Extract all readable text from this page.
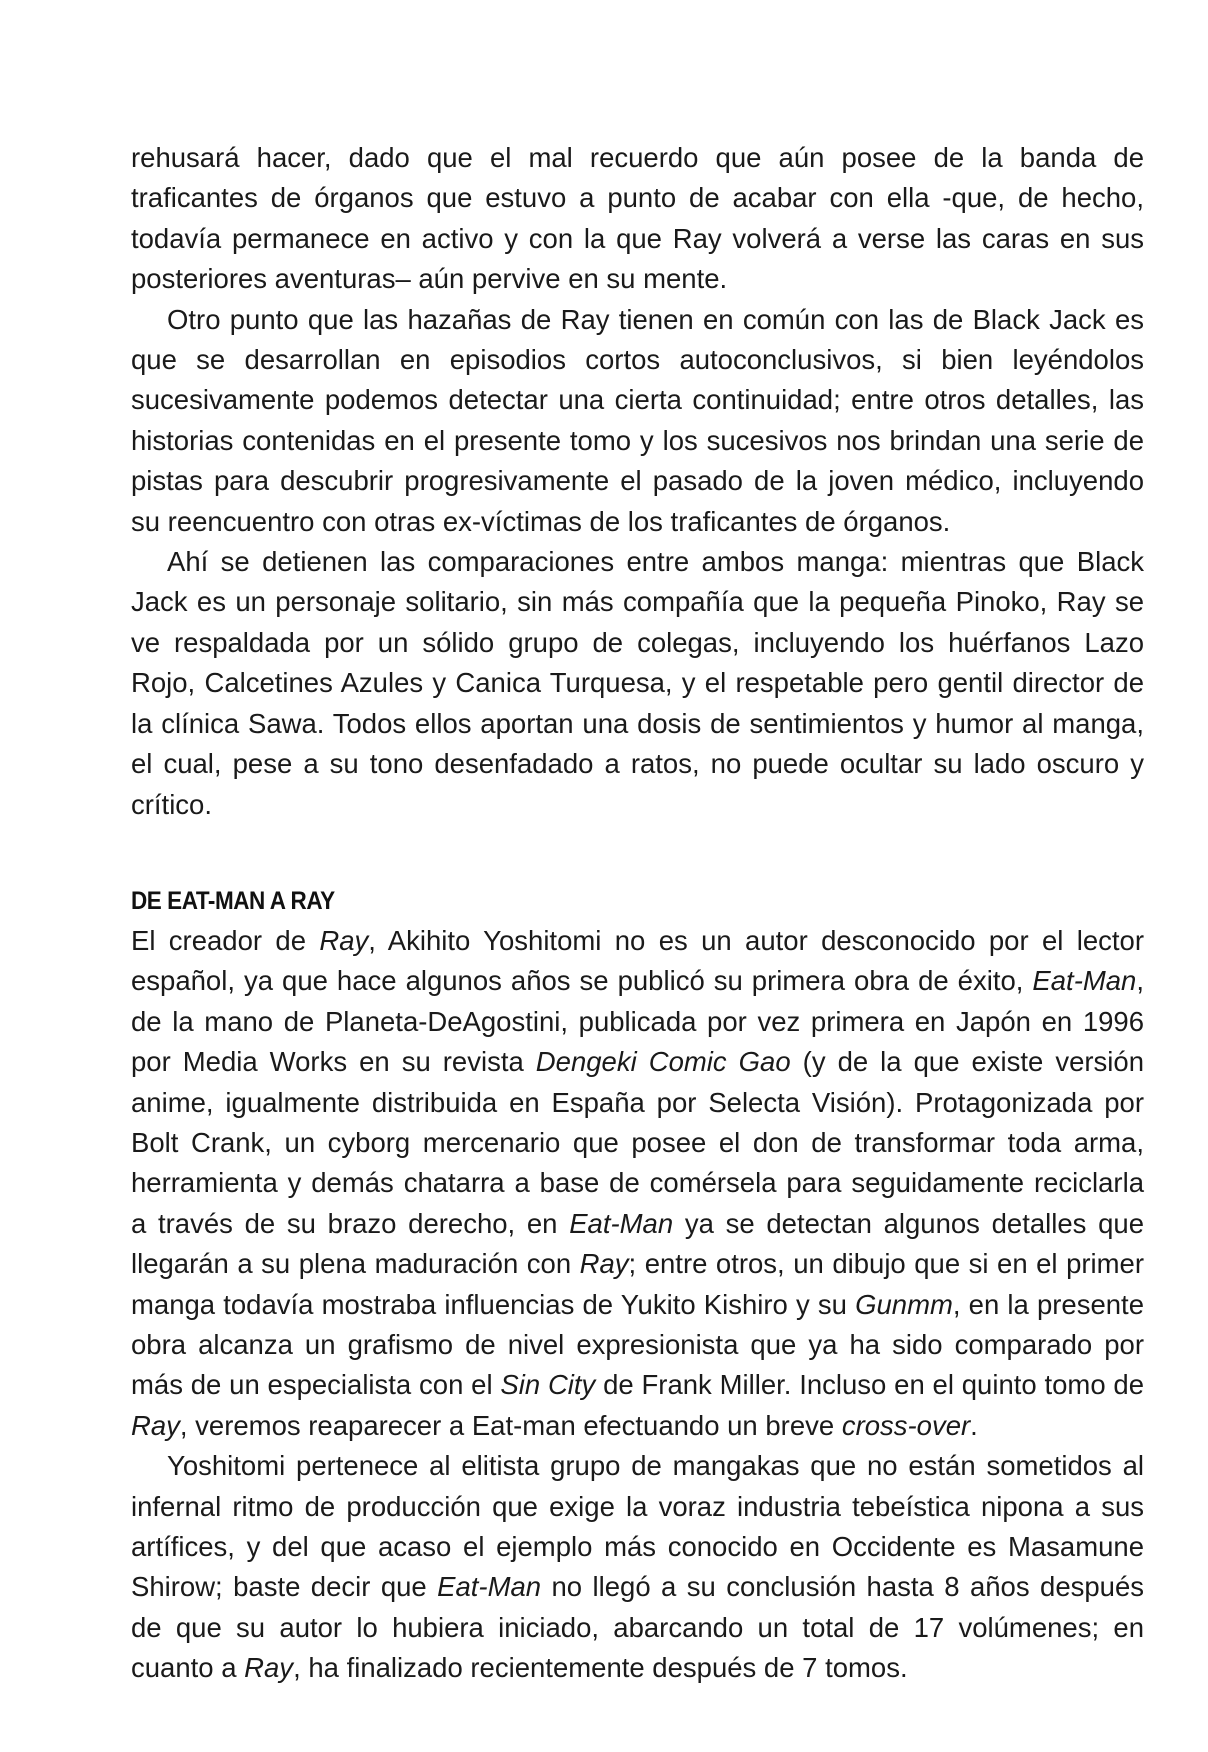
rehusará hacer, dado que el mal recuerdo que aún posee de la banda de traficantes de órganos que estuvo a punto de acabar con ella -que, de hecho, todavía permanece en activo y con la que Ray volverá a verse las caras en sus posteriores aventuras– aún pervive en su mente.

Otro punto que las hazañas de Ray tienen en común con las de Black Jack es que se desarrollan en episodios cortos autoconclusivos, si bien leyéndolos sucesivamente podemos detectar una cierta continuidad; entre otros detalles, las historias contenidas en el presente tomo y los sucesivos nos brindan una serie de pistas para descubrir progresivamente el pasado de la joven médico, incluyendo su reencuentro con otras ex-víctimas de los traficantes de órganos.

Ahí se detienen las comparaciones entre ambos manga: mientras que Black Jack es un personaje solitario, sin más compañía que la pequeña Pinoko, Ray se ve respaldada por un sólido grupo de colegas, incluyendo los huérfanos Lazo Rojo, Calcetines Azules y Canica Turquesa, y el respetable pero gentil director de la clínica Sawa. Todos ellos aportan una dosis de sentimientos y humor al manga, el cual, pese a su tono desenfadado a ratos, no puede ocultar su lado oscuro y crítico.

DE EAT-MAN A RAY

El creador de Ray, Akihito Yoshitomi no es un autor desconocido por el lector español, ya que hace algunos años se publicó su primera obra de éxito, Eat-Man, de la mano de Planeta-DeAgostini, publicada por vez primera en Japón en 1996 por Media Works en su revista Dengeki Comic Gao (y de la que existe versión anime, igualmente distribuida en España por Selecta Visión). Protagonizada por Bolt Crank, un cyborg mercenario que posee el don de transformar toda arma, herramienta y demás chatarra a base de comérsela para seguidamente reciclarla a través de su brazo derecho, en Eat-Man ya se detectan algunos detalles que llegarán a su plena maduración con Ray; entre otros, un dibujo que si en el primer manga todavía mostraba influencias de Yukito Kishiro y su Gunmm, en la presente obra alcanza un grafismo de nivel expresionista que ya ha sido comparado por más de un especialista con el Sin City de Frank Miller. Incluso en el quinto tomo de Ray, veremos reaparecer a Eat-man efectuando un breve cross-over.

Yoshitomi pertenece al elitista grupo de mangakas que no están sometidos al infernal ritmo de producción que exige la voraz industria tebeística nipona a sus artífices, y del que acaso el ejemplo más conocido en Occidente es Masamune Shirow; baste decir que Eat-Man no llegó a su conclusión hasta 8 años después de que su autor lo hubiera iniciado, abarcando un total de 17 volúmenes; en cuanto a Ray, ha finalizado recientemente después de 7 tomos.
